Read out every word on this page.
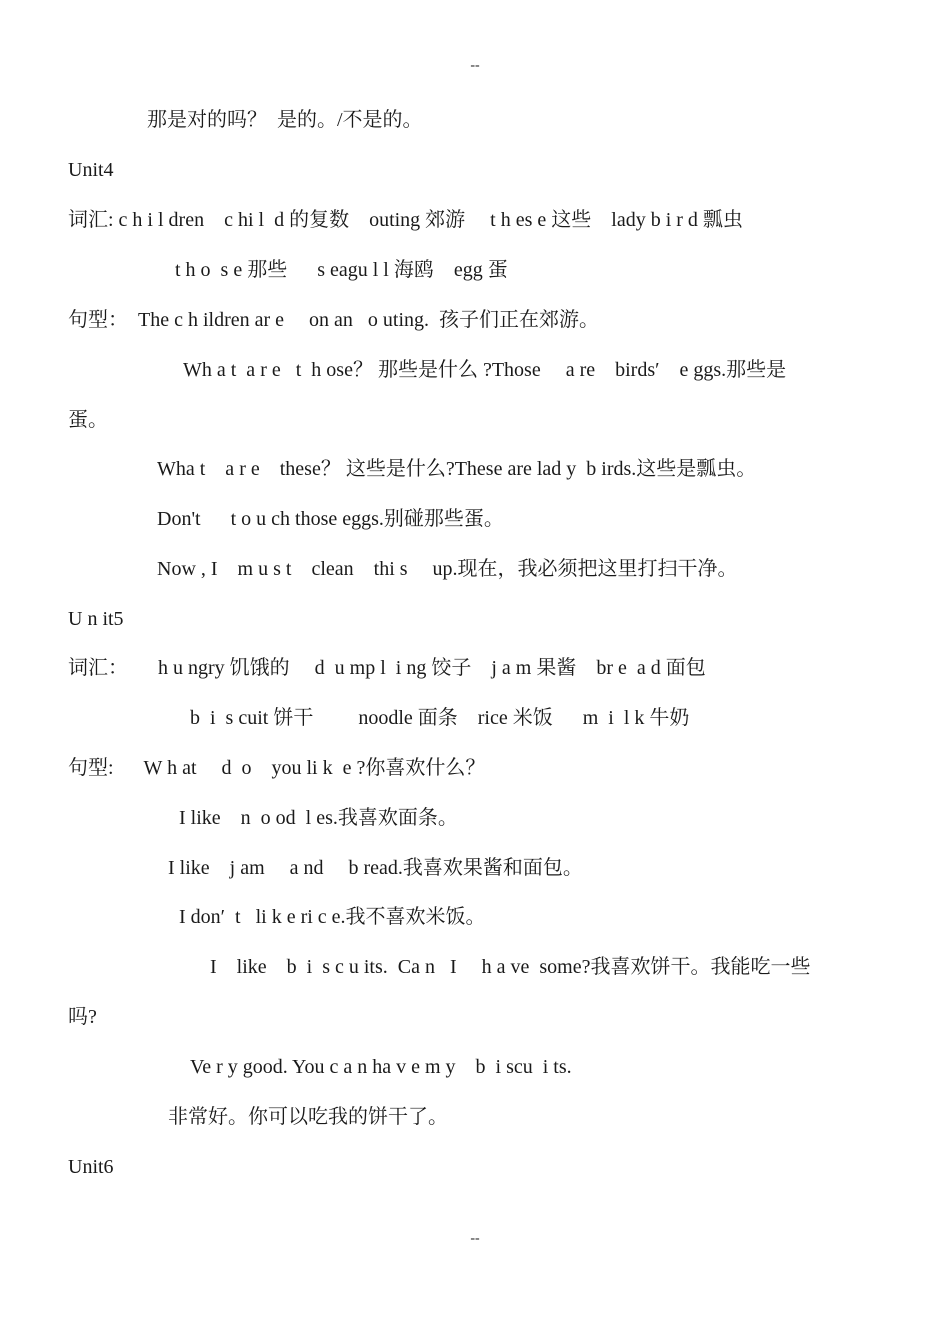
--
那是对的吗？  是的。/不是的。
Unit4
词汇: c h i l dren    c hi l  d 的复数    outing 郊游     t h es e 这些    lady b i r d 瓢虫
t h o  s e 那些      s eagu l l 海鸥    egg 蛋
句型：  The c h ildren ar e     on an   o uting.  孩子们正在郊游。
Wh a t  a r e   t  h ose？ 那些是什么 ?Those     a re    birds′    e ggs.那些是
蛋。
Wha t    a r e    these？ 这些是什么?These are lad y  b irds.这些是瓢虫。
Don't      t o u ch those eggs.别碰那些蛋。
Now , I    m u s t    clean    thi s     up.现在，我必须把这里打扫干净。
U n it5
词汇：      h u ngry 饥饿的     d  u mp l  i ng 饺子    j a m 果酱    br e  a d 面包
b  i  s cuit 饼干         noodle 面条    rice 米饭      m  i  l k 牛奶
句型:      W h at     d  o    you li k  e ?你喜欢什么？
I like    n  o od  l es.我喜欢面条。
I like    j am     a nd     b read.我喜欢果酱和面包。
I don′  t   li k e ri c e.我不喜欢米饭。
I    like    b  i  s c u its.  Ca n   I     h a ve  some?我喜欢饼干。我能吃一些
吗?
Ve r y good. You c a n ha v e m y    b  i scu  i ts.
非常好。你可以吃我的饼干了。
Unit6
--
